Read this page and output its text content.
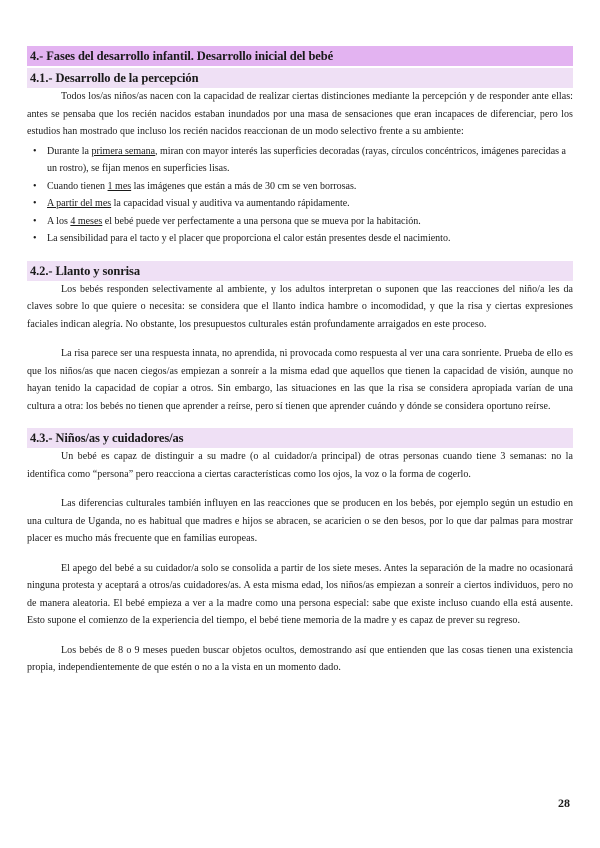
4.- Fases del desarrollo infantil. Desarrollo inicial del bebé
4.1.- Desarrollo de la percepción

Todos los/as niños/as nacen con la capacidad de realizar ciertas distinciones mediante la percepción y de responder ante ellas: antes se pensaba que los recién nacidos estaban inundados por una masa de sensaciones que eran incapaces de diferenciar, pero los estudios han mostrado que incluso los recién nacidos reaccionan de un modo selectivo frente a su ambiente:

• Durante la primera semana, miran con mayor interés las superficies decoradas (rayas, círculos concéntricos, imágenes parecidas a un rostro), se fijan menos en superficies lisas.
• Cuando tienen 1 mes las imágenes que están a más de 30 cm se ven borrosas.
• A partir del mes la capacidad visual y auditiva va aumentando rápidamente.
• A los 4 meses el bebé puede ver perfectamente a una persona que se mueva por la habitación.
• La sensibilidad para el tacto y el placer que proporciona el calor están presentes desde el nacimiento.
4.2.- Llanto y sonrisa

Los bebés responden selectivamente al ambiente, y los adultos interpretan o suponen que las reacciones del niño/a les da claves sobre lo que quiere o necesita: se considera que el llanto indica hambre o incomodidad, y que la risa y ciertas expresiones faciales indican alegría. No obstante, los presupuestos culturales están profundamente arraigados en este proceso.

La risa parece ser una respuesta innata, no aprendida, ni provocada como respuesta al ver una cara sonriente. Prueba de ello es que los niños/as que nacen ciegos/as empiezan a sonreír a la misma edad que aquellos que tienen la capacidad de visión, aunque no hayan tenido la capacidad de copiar a otros. Sin embargo, las situaciones en las que la risa se considera apropiada varían de una cultura a otra: los bebés no tienen que aprender a reírse, pero sí tienen que aprender cuándo y dónde se considera oportuno reírse.

4.3.- Niños/as y cuidadores/as

Un bebé es capaz de distinguir a su madre (o al cuidador/a principal) de otras personas cuando tiene 3 semanas: no la identifica como “persona” pero reacciona a ciertas características como los ojos, la voz o la forma de cogerlo.

Las diferencias culturales también influyen en las reacciones que se producen en los bebés, por ejemplo según un estudio en una cultura de Uganda, no es habitual que madres e hijos se abracen, se acaricien o se den besos, por lo que dar palmas para mostrar placer es mucho más frecuente que en familias europeas.

El apego del bebé a su cuidador/a solo se consolida a partir de los siete meses. Antes la separación de la madre no ocasionará ninguna protesta y aceptará a otros/as cuidadores/as. A esta misma edad, los niños/as empiezan a sonreír a ciertos individuos, pero no de manera aleatoria. El bebé empieza a ver a la madre como una persona especial: sabe que existe incluso cuando ella está ausente. Esto supone el comienzo de la experiencia del tiempo, el bebé tiene memoria de la madre y es capaz de prever su regreso.

Los bebés de 8 o 9 meses pueden buscar objetos ocultos, demostrando así que entienden que las cosas tienen una existencia propia, independientemente de que estén o no a la vista en un momento dado.

28
